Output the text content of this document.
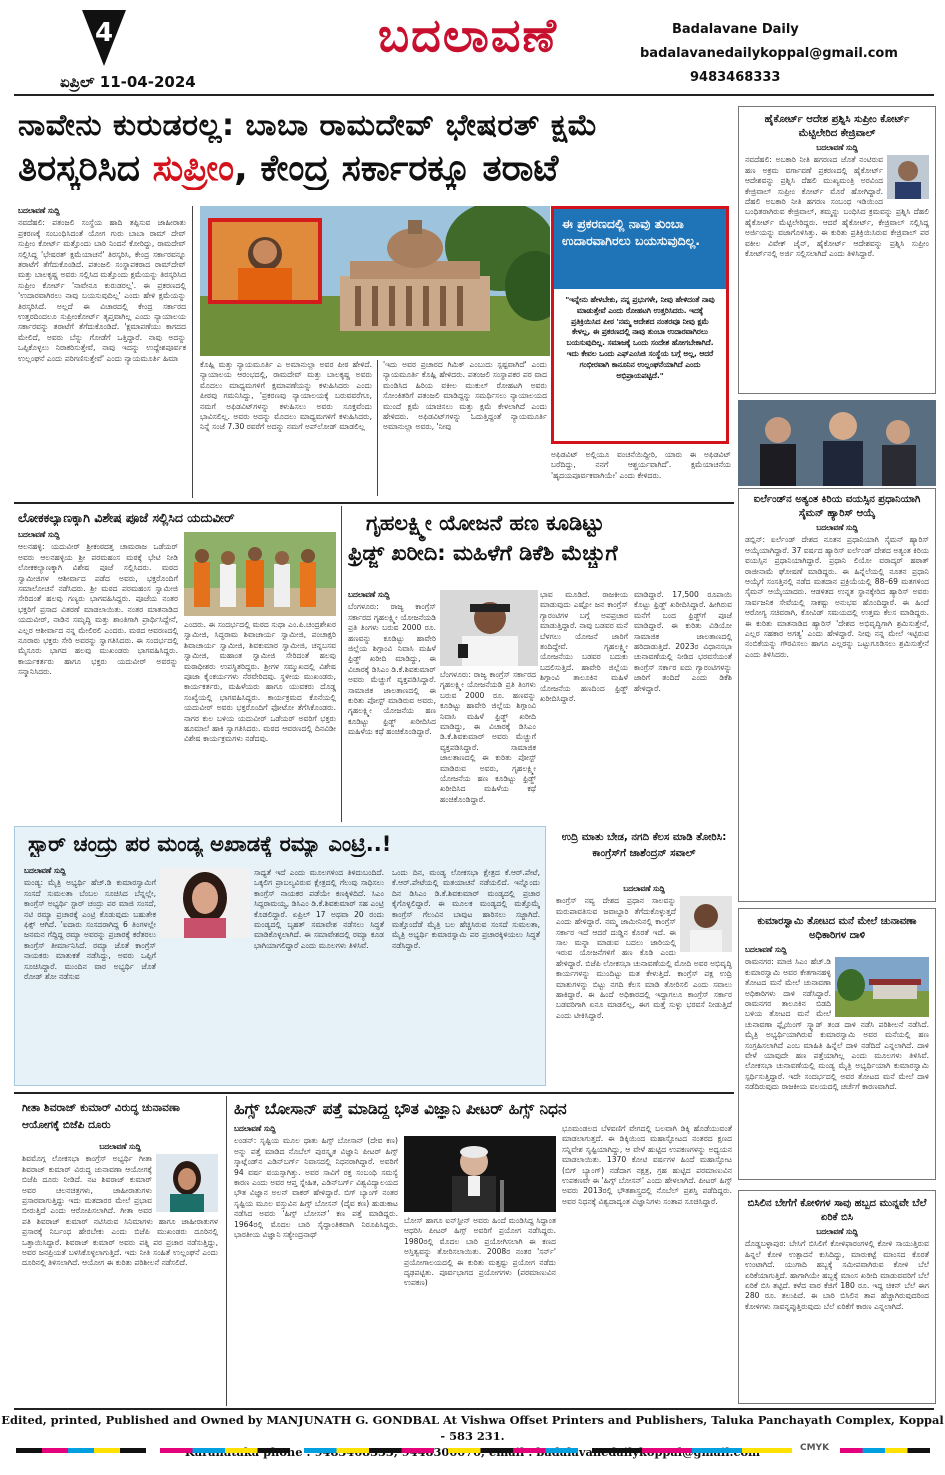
4
ಏಪ್ರಿಲ್ 11-04-2024
ಬದಲಾವಣೆ	Badalavane Daily
badalavanedailykoppal@gmail.com
9483468333
ನಾವೇನು ಕುರುಡರಲ್ಲ: ಬಾಬಾ ರಾಮದೇವ್ ಭೇಷರತ್ ಕ್ಷಮೆ
ತಿರಸ್ಕರಿಸಿದ ಸುಪ್ರೀಂ, ಕೇಂದ್ರ ಸರ್ಕಾರಕ್ಕೂ ತರಾಟೆ
ಬದಲಾವಣೆ ಸುದ್ದಿ
ನವದೆಹಲಿ: ಪತಂಜಲಿ ಸಂಸ್ಥೆಯ ಹಾದಿ ತಪ್ಪಿಸುವ ಜಾಹೀರಾತು ಪ್ರಕರಣಕ್ಕೆ ಸಂಬಂಧಿಸಿದಂತೆ ಯೋಗ ಗುರು ಬಾಬಾ ರಾಮ್ ದೇವ್ ಸುಪ್ರೀಂ ಕೋರ್ಟ್ ಮತ್ತೊಂದು ಬಾರಿ ನಿಂದನೆ ಕೋರಿದ್ದು, ರಾಮದೇವ್ ಸಲ್ಲಿಸಿದ್ದ 'ಭೇಷರತ್ ಕ್ಷಮೆಯಾಚನೆ' ತಿರಸ್ಕರಿಸಿ, ಕೇಂದ್ರ ಸರ್ಕಾರವನ್ನೂ ತರಾಟೆಗೆ ತೆಗೆದುಕೊಂಡಿದೆ. ಪತಂಜಲಿ ಸಂಸ್ಥಾಪಕರಾದ ರಾಮ್‌ದೇವ್ ಮತ್ತು ಬಾಲಕೃಷ್ಣ ಅವರು ಸಲ್ಲಿಸಿದ ಮತ್ತೊಂದು ಕ್ಷಮೆಯನ್ನು ತಿರಸ್ಕರಿಸಿದ ಸುಪ್ರೀಂ ಕೋರ್ಟ್ 'ನಾವೇನೂ ಕುರುಡರಲ್ಲ'. ಈ ಪ್ರಕರಣದಲ್ಲಿ 'ಉದಾರವಾಗಿರಲು ನಾವು ಬಯಸುವುದಿಲ್ಲ' ಎಂದು ಹೇಳಿ ಕ್ಷಮೆಯನ್ನು ತಿರಸ್ಕರಿಸಿದೆ. ಅಲ್ಲದೆ ಈ ವಿಚಾರದಲ್ಲಿ ಕೇಂದ್ರ ಸರ್ಕಾರದ ಉತ್ತರದಿಂದಲೂ ಸುಪ್ರೀಂಕೋರ್ಟ್ ತೃಪ್ತವಾಗಿಲ್ಲ ಎಂದು ನ್ಯಾಯಾಲಯ ಸರ್ಕಾರವನ್ನು ತರಾಟೆಗೆ ತೆಗೆದುಕೊಂಡಿದೆ. 'ಕ್ಷಮಾಪಣೆಯು ಕಾಗದದ ಮೇಲಿದೆ, ಅವರು ಬೆನ್ನು ಗೋಡೆಗೆ ಒತ್ತಿದ್ದಾರೆ. ನಾವು ಅದನ್ನು ಒಪ್ಪಿಕೊಳ್ಳಲು ನಿರಾಕರಿಸುತ್ತೇವೆ, ನಾವು ಇದನ್ನು ಉದ್ದೇಶಪೂರ್ವಕ ಉಲ್ಲಂಘನೆ ಎಂದು ಪರಿಗಣಿಸುತ್ತೇವೆ' ಎಂದು ನ್ಯಾಯಮೂರ್ತಿ ಹಿಮಾ
ಕೊಹ್ಲಿ ಮತ್ತು ನ್ಯಾಯಮೂರ್ತಿ ಎ ಅಮಾನುಲ್ಲಾ ಅವರ ಪೀಠ ಹೇಳಿದೆ. ನ್ಯಾಯಾಲಯ ಆರಂಭದಲ್ಲಿ, ರಾಮದೇವ್ ಮತ್ತು ಬಾಲಕೃಷ್ಣ ಅವರು ಮೊದಲು ಮಾಧ್ಯಮಗಳಿಗೆ ಕ್ಷಮಾಪಣೆಯನ್ನು ಕಳುಹಿಸಿದರು ಎಂದು ಪೀಠವು ಗಮನಿಸಿದ್ದು, 'ಪ್ರಕರಣವು ನ್ಯಾಯಾಲಯಕ್ಕೆ ಬರುವವರೆಗೂ, ನಮಗೆ ಅಫಿಡವಿಟ್‌ಗಳನ್ನು ಕಳುಹಿಸಲು ಅವರು ಸೂಕ್ತವೆಂದು ಭಾವಿಸಲಿಲ್ಲ. ಅವರು ಅದನ್ನು ಮೊದಲು ಮಾಧ್ಯಮಗಳಿಗೆ ಕಳುಹಿಸಿದರು, ನಿನ್ನೆ ಸಂಜೆ 7.30 ರವರೆಗೆ ಅದನ್ನು ನಮಗೆ ಅಪ್‌ಲೋಡ್ ಮಾಡಲಿಲ್ಲ
'ಇದು ಅವರ ಪ್ರಚಾರದ ಗಿಮಿಕ್ ಎಂಬುದು ಸ್ಪಷ್ಟವಾಗಿದೆ' ಎಂದು ನ್ಯಾಯಮೂರ್ತಿ ಕೊಹ್ಲಿ ಹೇಳಿದರು. ಪತಂಜಲಿ ಸಂಸ್ಥಾಪಕರ ಪರ ವಾದ ಮಂಡಿಸಿದ ಹಿರಿಯ ವಕೀಲ ಮುಕುಲ್ ರೋಹಟಗಿ ಅವರು ಸೋಂಕಿತರಿಗೆ ಪತಂಜಲಿ ಮಾಡಿದ್ದನ್ನು ಸಮರ್ಥಿಸಲು ನ್ಯಾಯಾಲಯದ ಮುಂದೆ ಕ್ಷಮೆ ಯಾಚಿಸಲು ಮತ್ತು ಕ್ಷಮೆ ಕೇಳಲಾಗಿದೆ ಎಂದು ಹೇಳಿದರು. ಅಫಿಡವಿಟ್‌ಗಳನ್ನು ಓದುತ್ತಿದ್ದಂತೆ ನ್ಯಾಯಮೂರ್ತಿ ಅಮಾನುಲ್ಲಾ ಅವರು, 'ನೀವು
ಈ ಪ್ರಕರಣದಲ್ಲಿ ನಾವು ತುಂಬಾ ಉದಾರವಾಗಿರಲು ಬಯಸುವುದಿಲ್ಲ.
"ಇನ್ನೇನು ಹೇಳಬೇಕು, ನನ್ನ ಪ್ರಭುಗಳೇ, ನೀವು ಹೇಳಿದಂತೆ ನಾವು ಮಾಡುತ್ತೇವೆ ಎಂದು ರೋಹಟಗಿ ಉತ್ತರಿಸಿದರು. ಇದಕ್ಕೆ ಪ್ರತಿಕ್ರಿಯಿಸಿದ ಪೀಠ 'ನಮ್ಮ ಆದೇಶದ ನಂತರವೂ ನೀವು ಕ್ಷಮೆ ಕೇಳಲ್ಲ, ಈ ಪ್ರಕರಣದಲ್ಲಿ ನಾವು ತುಂಬಾ ಉದಾರವಾಗಿರಲು ಬಯಸುವುದಿಲ್ಲ. ಸಮಾಜಕ್ಕೆ ಒಂದು ಸಂದೇಶ ಹೋಗಬೇಕಾಗಿದೆ. ಇದು ಕೇವಲ ಒಂದು ಎಫ್‌ಎಂಸಿಜಿ ಸಂಸ್ಥೆಯ ಬಗ್ಗೆ ಅಲ್ಲ, ಆದರೆ ಗಂಭೀರವಾಗಿ ಕಾನೂನಿನ ಉಲ್ಲಂಘನೆಯಾಗಿದೆ ಎಂದು ಅಭಿಪ್ರಾಯಪಟ್ಟಿದೆ."
ಅಫಿಡವಿಟ್ ಅಲ್ಲಿಯೂ ವಂಚನೆಯಿದ್ದೀರಿ, ಯಾರು ಈ ಅಫಿಡವಿಟ್ ಬರೆದಿದ್ದು, ನನಗೆ ಆಶ್ಚರ್ಯವಾಗಿದೆ'. ಕ್ಷಮೆಯಾಚನೆಯ 'ಹೃದಯಪೂರ್ವಕವಾಗಿಯೇ' ಎಂದು ಕೇಳಿದರು.
ಹೈಕೋರ್ಟ್ ಆದೇಶ ಪ್ರಶ್ನಿಸಿ ಸುಪ್ರೀಂ ಕೋರ್ಟ್ ಮೆಟ್ಟಿಲೇರಿದ ಕೇಜ್ರಿವಾಲ್
ಬದಲಾವಣೆ ಸುದ್ದಿ
ನವದೆಹಲಿ: ಅಬಕಾರಿ ನೀತಿ ಹಗರಣದ ಜೊತೆ ನಂಟಿರುವ ಹಣ ಅಕ್ರಮ ವರ್ಗಾವಣೆ ಪ್ರಕರಣದಲ್ಲಿ ಹೈಕೋರ್ಟ್ ಆದೇಶವನ್ನು ಪ್ರಶ್ನಿಸಿ ದೆಹಲಿ ಮುಖ್ಯಮಂತ್ರಿ ಅರವಿಂದ ಕೇಜ್ರಿವಾಲ್ ಸುಪ್ರೀಂ ಕೋರ್ಟ್ ಮೊರೆ ಹೋಗಿದ್ದಾರೆ. ದೆಹಲಿ ಅಬಕಾರಿ ನೀತಿ ಹಗರಣ ಸಂಬಂಧ ಇಡಿಯಿಂದ ಬಂಧಿತರಾಗಿರುವ ಕೇಜ್ರಿವಾಲ್, ತಮ್ಮನ್ನು ಬಂಧಿಸಿದ ಕ್ರಮವನ್ನು ಪ್ರಶ್ನಿಸಿ ದೆಹಲಿ ಹೈಕೋರ್ಟ್ ಮೆಟ್ಟಿಲೇರಿದ್ದರು. ಆದರೆ ಹೈಕೋರ್ಟ್, ಕೇಜ್ರಿವಾಲ್ ಸಲ್ಲಿಸಿದ್ದ ಅರ್ಜಿಯನ್ನು ವಜಾಗೊಳಿಸಿತ್ತು. ಈ ಕುರಿತು ಪ್ರತಿಕ್ರಿಯಿಸಿರುವ ಕೇಜ್ರಿವಾಲ್ ಪರ ವಕೀಲ ವಿವೇಕ್ ಜೈನ್, ಹೈಕೋರ್ಟ್ ಆದೇಶವನ್ನು ಪ್ರಶ್ನಿಸಿ ಸುಪ್ರೀಂ ಕೋರ್ಟ್‌ನಲ್ಲಿ ಅರ್ಜಿ ಸಲ್ಲಿಸಲಾಗಿದೆ ಎಂದು ತಿಳಿಸಿದ್ದಾರೆ.
ಐರ್ಲೆಂಡ್‌ನ ಅತ್ಯಂತ ಕಿರಿಯ ವಯಸ್ಸಿನ ಪ್ರಧಾನಿಯಾಗಿ ಸೈಮನ್ ಹ್ಯಾರಿಸ್ ಆಯ್ಕೆ
ಬದಲಾವಣೆ ಸುದ್ದಿ
ಡಬ್ಲಿನ್: ಐರ್ಲೆಂಡ್ ದೇಶದ ನೂತನ ಪ್ರಧಾನಿಯಾಗಿ ಸೈಮನ್ ಹ್ಯಾರಿಸ್ ಆಯ್ಕೆಯಾಗಿದ್ದಾರೆ. 37 ವರ್ಷದ ಹ್ಯಾರಿಸ್ ಐರ್ಲೆಂಡ್ ದೇಶದ ಅತ್ಯಂತ ಕಿರಿಯ ವಯಸ್ಸಿನ ಪ್ರಧಾನಿಯಾಗಿದ್ದಾರೆ. ಪ್ರಧಾನಿ ಲಿಯೋ ವರಾದ್ಕರ್ ಹಠಾತ್ ರಾಜೀನಾಮೆ ಘೋಷಣೆ ಮಾಡಿದ್ದರು. ಈ ಹಿನ್ನೆಲೆಯಲ್ಲಿ ನೂತನ ಪ್ರಧಾನಿ ಆಯ್ಕೆಗೆ ಸಂಸತ್ತಿನಲ್ಲಿ ನಡೆದ ಮತದಾನ ಪ್ರಕ್ರಿಯೆಯಲ್ಲಿ 88–69 ಮತಗಳಿಂದ ಸೈಮನ್ ಆಯ್ಕೆಯಾದರು. ಆಡಳಿತದ ಉನ್ನತ ಸ್ಥಾನಕ್ಕೇರಿದ ಹ್ಯಾರಿಸ್ ಅವರು ಸಾರ್ವಜನಿಕ ಸೇವೆಯಲ್ಲಿ ಸಾಕಷ್ಟು ಅನುಭವ ಹೊಂದಿದ್ದಾರೆ. ಈ ಹಿಂದೆ ಆರೋಗ್ಯ ಸಚಿವರಾಗಿ, ಕೋವಿಡ್ ಸಮಯದಲ್ಲಿ ಉತ್ತಮ ಕೆಲಸ ಮಾಡಿದ್ದರು. ಈ ಕುರಿತು ಮಾತನಾಡಿದ ಹ್ಯಾರಿಸ್ 'ದೇಶದ ಅಭಿವೃದ್ಧಿಗಾಗಿ ಶ್ರಮಿಸುತ್ತೇನೆ, ಎಲ್ಲರ ಸಹಕಾರ ಅಗತ್ಯ' ಎಂದು ಹೇಳಿದ್ದಾರೆ. ನೀವು ನನ್ನ ಮೇಲೆ ಇಟ್ಟಿರುವ ನಂಬಿಕೆಯನ್ನು ಗೌರವಿಸಲು ಹಾಗೂ ಎಲ್ಲರನ್ನು ಒಟ್ಟುಗೂಡಿಸಲು ಶ್ರಮಿಸುತ್ತೇನೆ ಎಂದು ತಿಳಿಸಿದರು.
ಲೋಕಕಲ್ಯಾಣಕ್ಕಾಗಿ ವಿಶೇಷ ಪೂಜೆ ಸಲ್ಲಿಸಿದ ಯದುವೀರ್
ಬದಲಾವಣೆ ಸುದ್ದಿ
ಆಲನಹಳ್ಳಿ: ಯದುವೀರ್ ಶ್ರೀಕಂಠದತ್ತ ಚಾಮರಾಜ ಒಡೆಯರ್ ಅವರು ಆಲನಹಳ್ಳಿಯ ಶ್ರೀ ಪರಮಹಂಸ ಮಠಕ್ಕೆ ಭೇಟಿ ನೀಡಿ ಲೋಕಕಲ್ಯಾಣಕ್ಕಾಗಿ ವಿಶೇಷ ಪೂಜೆ ಸಲ್ಲಿಸಿದರು. ಮಠದ ಸ್ವಾಮೀಜಿಗಳ ಆಶೀರ್ವಾದ ಪಡೆದ ಅವರು, ಭಕ್ತರೊಂದಿಗೆ ಸಮಾಲೋಚನೆ ನಡೆಸಿದರು. ಶ್ರೀ ಮಠದ ಪರಮಹಂಸ ಸ್ವಾಮೀಜಿ ಸೇರಿದಂತೆ ಹಲವು ಗಣ್ಯರು ಭಾಗವಹಿಸಿದ್ದರು. ಪೂಜೆಯ ನಂತರ ಭಕ್ತರಿಗೆ ಪ್ರಸಾದ ವಿತರಣೆ ಮಾಡಲಾಯಿತು. ನಂತರ ಮಾತನಾಡಿದ ಯದುವೀರ್, ನಾಡಿನ ಸಮೃದ್ಧಿ ಮತ್ತು ಶಾಂತಿಗಾಗಿ ಪ್ರಾರ್ಥಿಸಿದ್ದೇನೆ, ಎಲ್ಲರ ಆಶೀರ್ವಾದ ನನ್ನ ಮೇಲಿರಲಿ ಎಂದರು. ಮಠದ ಆವರಣದಲ್ಲಿ ನೂರಾರು ಭಕ್ತರು ಸೇರಿ ಅವರನ್ನು ಸ್ವಾಗತಿಸಿದರು. ಈ ಸಂದರ್ಭದಲ್ಲಿ ಮೈಸೂರು ಭಾಗದ ಹಲವು ಮುಖಂಡರು ಭಾಗವಹಿಸಿದ್ದರು. ಕಾರ್ಯಕರ್ತರು ಹಾಗೂ ಭಕ್ತರು ಯದುವೀರ್ ಅವರನ್ನು ಸನ್ಮಾನಿಸಿದರು.
ಎಂದರು. ಈ ಸಂದರ್ಭದಲ್ಲಿ ಮಠದ ಸುಧಾ ಎಂ.ಪಿ.ಚಂದ್ರಶೇಖರ ಸ್ವಾಮೀಜಿ, ಸಿದ್ಧರಾಮ ಶಿವಾಚಾರ್ಯ ಸ್ವಾಮೀಜಿ, ಪಂಚಾಕ್ಷರಿ ಶಿವಾಚಾರ್ಯ ಸ್ವಾಮೀಜಿ, ಶಿವಕುಮಾರ ಸ್ವಾಮೀಜಿ, ಚನ್ನಬಸವ ಸ್ವಾಮೀಜಿ, ಮಹಾಂತ ಸ್ವಾಮೀಜಿ ಸೇರಿದಂತೆ ಹಲವು ಮಠಾಧೀಶರು ಉಪಸ್ಥಿತರಿದ್ದರು. ಶ್ರೀಗಳ ಸಮ್ಮುಖದಲ್ಲಿ ವಿಶೇಷ ಪೂಜಾ ಕೈಂಕರ್ಯಗಳು ನೆರವೇರಿದವು. ಸ್ಥಳೀಯ ಮುಖಂಡರು, ಕಾರ್ಯಕರ್ತರು, ಮಹಿಳೆಯರು ಹಾಗೂ ಯುವಕರು ದೊಡ್ಡ ಸಂಖ್ಯೆಯಲ್ಲಿ ಭಾಗವಹಿಸಿದ್ದರು. ಕಾರ್ಯಕ್ರಮದ ಕೊನೆಯಲ್ಲಿ ಯದುವೀರ್ ಅವರು ಭಕ್ತರೊಂದಿಗೆ ಫೋಟೋ ತೆಗೆಸಿಕೊಂಡರು. ನಾಗರ ಕುಲ ಬಳಿಯ ಯದುವೀರ್ ಒಡೆಯರ್ ಅವರಿಗೆ ಭಕ್ತರು ಹೂಮಾಲೆ ಹಾಕಿ ಸ್ವಾಗತಿಸಿದರು. ಮಠದ ಆವರಣದಲ್ಲಿ ದಿನವಿಡೀ ವಿಶೇಷ ಕಾರ್ಯಕ್ರಮಗಳು ನಡೆದವು.
ಗೃಹಲಕ್ಷ್ಮೀ ಯೋಜನೆ ಹಣ ಕೂಡಿಟ್ಟು
ಫ್ರಿಡ್ಜ್ ಖರೀದಿ: ಮಹಿಳೆಗೆ ಡಿಕೆಶಿ ಮೆಚ್ಚುಗೆ
ಬದಲಾವಣೆ ಸುದ್ದಿ
ಬೆಂಗಳೂರು: ರಾಜ್ಯ ಕಾಂಗ್ರೆಸ್ ಸರ್ಕಾರದ ಗೃಹಲಕ್ಷ್ಮೀ ಯೋಜನೆಯಡಿ ಪ್ರತಿ ತಿಂಗಳು ಬರುವ 2000 ರೂ. ಹಣವನ್ನು ಕೂಡಿಟ್ಟು ಹಾವೇರಿ ಜಿಲ್ಲೆಯ ಶಿಗ್ಗಾಂವಿ ನಿವಾಸಿ ಮಹಿಳೆ ಫ್ರಿಡ್ಜ್ ಖರೀದಿ ಮಾಡಿದ್ದು, ಈ ವಿಚಾರಕ್ಕೆ ಡಿಸಿಎಂ ಡಿ.ಕೆ.ಶಿವಕುಮಾರ್ ಅವರು ಮೆಚ್ಚುಗೆ ವ್ಯಕ್ತಪಡಿಸಿದ್ದಾರೆ. ಸಾಮಾಜಿಕ ಜಾಲತಾಣದಲ್ಲಿ ಈ ಕುರಿತು ಪೋಸ್ಟ್ ಮಾಡಿರುವ ಅವರು, ಗೃಹಲಕ್ಷ್ಮೀ ಯೋಜನೆಯ ಹಣ ಕೂಡಿಟ್ಟು ಫ್ರಿಡ್ಜ್ ಖರೀದಿಸಿದ ಮಹಿಳೆಯ ಕಥೆ ಹಂಚಿಕೊಂಡಿದ್ದಾರೆ.
ಭಾವ ಮೂಡಿದೆ. ರಾಜಕೀಯ ಮಾಡುವುದು ಎಷ್ಟೋ ಜನ ಕಾಂಗ್ರೆಸ್ ಗ್ಯಾರಂಟಿಗಳ ಬಗ್ಗೆ ಅಪಪ್ರಚಾರ ಮಾಡುತ್ತಿದ್ದಾರೆ. ನಾವು ಬಡವರ ಮನೆ ಬೆಳಗಲು ಯೋಜನೆ ಜಾರಿಗೆ ತಂದಿದ್ದೇವೆ. ಗೃಹಲಕ್ಷ್ಮೀ ಯೋಜನೆಯು ಬಡವರ ಬದುಕು ಬದಲಿಸುತ್ತಿದೆ. ಹಾವೇರಿ ಜಿಲ್ಲೆಯ ಶಿಗ್ಗಾಂವಿ ತಾಲೂಕಿನ ಮಹಿಳೆ ಯೋಜನೆಯ ಹಣದಿಂದ ಫ್ರಿಡ್ಜ್ ಖರೀದಿಸಿದ್ದಾರೆ.
ಬೆಂಗಳೂರು: ರಾಜ್ಯ ಕಾಂಗ್ರೆಸ್ ಸರ್ಕಾರದ ಗೃಹಲಕ್ಷ್ಮೀ ಯೋಜನೆಯಡಿ ಪ್ರತಿ ತಿಂಗಳು ಬರುವ 2000 ರೂ. ಹಣವನ್ನು ಕೂಡಿಟ್ಟು ಹಾವೇರಿ ಜಿಲ್ಲೆಯ ಶಿಗ್ಗಾಂವಿ ನಿವಾಸಿ ಮಹಿಳೆ ಫ್ರಿಡ್ಜ್ ಖರೀದಿ ಮಾಡಿದ್ದು, ಈ ವಿಚಾರಕ್ಕೆ ಡಿಸಿಎಂ ಡಿ.ಕೆ.ಶಿವಕುಮಾರ್ ಅವರು ಮೆಚ್ಚುಗೆ ವ್ಯಕ್ತಪಡಿಸಿದ್ದಾರೆ. ಸಾಮಾಜಿಕ ಜಾಲತಾಣದಲ್ಲಿ ಈ ಕುರಿತು ಪೋಸ್ಟ್ ಮಾಡಿರುವ ಅವರು, ಗೃಹಲಕ್ಷ್ಮೀ ಯೋಜನೆಯ ಹಣ ಕೂಡಿಟ್ಟು ಫ್ರಿಡ್ಜ್ ಖರೀದಿಸಿದ ಮಹಿಳೆಯ ಕಥೆ ಹಂಚಿಕೊಂಡಿದ್ದಾರೆ.
ಮಾಡಿದ್ದಾರೆ. 17,500 ರೂಪಾಯಿ ಕೊಟ್ಟು ಫ್ರಿಡ್ಜ್ ಖರೀದಿಸಿದ್ದಾರೆ. ಹೀಗಿರುವ ಮನೆಗೆ ಬಂದ ಫ್ರಿಡ್ಜ್‌ಗೆ ಪೂಜೆ ಮಾಡಿದ್ದಾರೆ. ಈ ಕುರಿತು ವಿಡಿಯೋ ಸಾಮಾಜಿಕ ಜಾಲತಾಣದಲ್ಲಿ ಹರಿದಾಡುತ್ತಿದೆ. 2023ರ ವಿಧಾನಸಭಾ ಚುನಾವಣೆಯಲ್ಲಿ ನೀಡಿದ ಭರವಸೆಯಂತೆ ಕಾಂಗ್ರೆಸ್ ಸರ್ಕಾರ ಐದು ಗ್ಯಾರಂಟಿಗಳನ್ನು ಜಾರಿಗೆ ತಂದಿದೆ ಎಂದು ಡಿಕೆಶಿ ಹೇಳಿದ್ದಾರೆ.
ಸ್ಟಾರ್ ಚಂದ್ರು ಪರ ಮಂಡ್ಯ ಅಖಾಡಕ್ಕೆ ರಮ್ಯಾ ಎಂಟ್ರಿ..!
ಬದಲಾವಣೆ ಸುದ್ದಿ
ಮಂಡ್ಯ: ಮೈತ್ರಿ ಅಭ್ಯರ್ಥಿ ಹೆಚ್.ಡಿ ಕುಮಾರಸ್ವಾಮಿಗೆ ಸಂಸದೆ ಸುಮಲತಾ ಬೆಂಬಲ ಸೂಚಿಸಿದ ಬೆನ್ನಲ್ಲೇ, ಕಾಂಗ್ರೆಸ್ ಅಭ್ಯರ್ಥಿ ಸ್ಟಾರ್ ಚಂದ್ರು ಪರ ಮಾಜಿ ಸಂಸದೆ, ನಟಿ ರಮ್ಯಾ ಪ್ರಚಾರಕ್ಕೆ ಎಂಟ್ರಿ ಕೊಡುವುದು ಬಹುತೇಕ ಫಿಕ್ಸ್ ಆಗಿದೆ. 'ಐದಾರು ಸಂಸದರಾಗಿದ್ದ 6 ತಿಂಗಳಲ್ಲೇ ಜನಮನ ಗೆದ್ದಿದ್ದ ರಮ್ಯಾ ಅವರನ್ನು ಪ್ರಚಾರಕ್ಕೆ ಕರೆತರಲು ಕಾಂಗ್ರೆಸ್ ತೀರ್ಮಾನಿಸಿದೆ. ರಮ್ಯಾ ಜೊತೆ ಕಾಂಗ್ರೆಸ್ ನಾಯಕರು ಮಾತುಕತೆ ನಡೆಸಿದ್ದು, ಅವರು ಒಪ್ಪಿಗೆ ಸೂಚಿಸಿದ್ದಾರೆ. ಮುಂದಿನ ವಾರ ಅಭ್ಯರ್ಥಿ ಜೊತೆ ರೋಡ್ ಶೋ ನಡೆಸುವ
ಸಾಧ್ಯತೆ ಇದೆ ಎಂದು ಮೂಲಗಳಿಂದ ತಿಳಿದುಬಂದಿದೆ. ಒಕ್ಕಲಿಗ ಪ್ರಾಬಲ್ಯವಿರುವ ಕ್ಷೇತ್ರದಲ್ಲಿ ಗೆಲುವು ಸಾಧಿಸಲು ಕಾಂಗ್ರೆಸ್ ನಾಯಕರ ಪಡೆಯೇ ಕಣಕ್ಕಿಳಿದಿದೆ. ಸಿಎಂ ಸಿದ್ದರಾಮಯ್ಯ, ಡಿಸಿಎಂ ಡಿ.ಕೆ.ಶಿವಕುಮಾರ್ ಸಹ ಎಂಟ್ರಿ ಕೊಡಲಿದ್ದಾರೆ. ಏಪ್ರಿಲ್ 17 ಅಥವಾ 20 ರಂದು ಮಂಡ್ಯದಲ್ಲಿ ಬೃಹತ್ ಸಮಾವೇಶ ನಡೆಸಲು ಸಿದ್ಧತೆ ಮಾಡಿಕೊಳ್ಳಲಾಗಿದೆ. ಈ ಸಮಾವೇಶದಲ್ಲಿ ರಮ್ಯಾ ಕೂಡ ಭಾಗಿಯಾಗಲಿದ್ದಾರೆ ಎಂದು ಮೂಲಗಳು ತಿಳಿಸಿವೆ.
ಒಂದು ದಿನ, ಮಂಡ್ಯ ಲೋಕಸಭಾ ಕ್ಷೇತ್ರದ ಕೆ.ಆರ್.ಪೇಟೆ, ಕೆ.ಆರ್.ಪೇಟೆಯಲ್ಲಿ ಮತಯಾಚನೆ ನಡೆಯಲಿದೆ. ಇನ್ನೊಂದು ದಿನ ಡಿಸಿಎಂ ಡಿ.ಕೆ.ಶಿವಕುಮಾರ್ ಮಂಡ್ಯದಲ್ಲಿ ಪ್ರಚಾರ ಕೈಗೊಳ್ಳಲಿದ್ದಾರೆ. ಈ ಮೂಲಕ ಮಂಡ್ಯದಲ್ಲಿ ಮತ್ತೊಮ್ಮೆ ಕಾಂಗ್ರೆಸ್ ಗೆಲುವಿನ ಬಾವುಟ ಹಾರಿಸಲು ಸಜ್ಜಾಗಿದೆ. ಮತ್ತೊಂದೆಡೆ ಮೈತ್ರಿ ಬಲ ಹೆಚ್ಚಿಸಿರುವ ಸಂಸದೆ ಸುಮಲತಾ, ಮೈತ್ರಿ ಅಭ್ಯರ್ಥಿ ಕುಮಾರಸ್ವಾಮಿ ಪರ ಪ್ರಚಾರಕ್ಕಿಳಿಯಲು ಸಿದ್ಧತೆ ನಡೆಸಿದ್ದಾರೆ.
ಉದ್ರಿ ಮಾತು ಬೇಡ, ನಗದಿ ಕೆಲಸ ಮಾಡಿ ತೋರಿಸಿ: ಕಾಂಗ್ರೆಸ್‌ಗೆ ಜಾಶೆಂದ್ರನ್ ಸವಾಲ್
ಬದಲಾವಣೆ ಸುದ್ದಿ
ಕಾಂಗ್ರೆಸ್ ನವ್ಯ ದೇಶದ ಪ್ರಧಾನ ಸಾಲವನ್ನು ಮರುಪಾವತಿಸುವ ಜವಾಬ್ದಾರಿ ತೆಗೆದುಕೊಳ್ಳುತ್ತದೆ ಎಂದು ಹೇಳಿದ್ದಾರೆ. ನಮ್ಮ ಜಾಮೀನಿನಲ್ಲಿ ಕಾಂಗ್ರೆಸ್ ಸರ್ಕಾರ ಇದೆ ಆದರೆ ದುಡ್ಡಿನ ಕೊರತೆ ಇದೆ. ಈ ಸಾಲ ಮನ್ನಾ ಮಾಡುವ ಬದಲು ಜಾರಿಯಲ್ಲಿ ಇರುವ ಯೋಜನೆಗಳಿಗೆ ಹಣ ಕೊಡಿ ಎಂದು ಹೇಳಿದ್ದಾರೆ. ಬಿಜೆಪಿ ಲೋಕಸಭಾ ಚುನಾವಣೆಯಲ್ಲಿ ಮೋದಿ ಅವರ ಅಭಿವೃದ್ಧಿ ಕಾರ್ಯಗಳನ್ನು ಮುಂದಿಟ್ಟು ಮತ ಕೇಳುತ್ತಿದೆ. ಕಾಂಗ್ರೆಸ್ ಪಕ್ಷ ಉದ್ರಿ ಮಾತುಗಳನ್ನು ಬಿಟ್ಟು ನಗದಿ ಕೆಲಸ ಮಾಡಿ ತೋರಿಸಲಿ ಎಂದು ಸವಾಲು ಹಾಕಿದ್ದಾರೆ. ಈ ಹಿಂದೆ ಅಧಿಕಾರದಲ್ಲಿ ಇದ್ದಾಗಲೂ ಕಾಂಗ್ರೆಸ್ ಸರ್ಕಾರ ಬಡವರಿಗಾಗಿ ಏನೂ ಮಾಡಲಿಲ್ಲ, ಈಗ ಮತ್ತೆ ಸುಳ್ಳು ಭರವಸೆ ನೀಡುತ್ತಿದೆ ಎಂದು ಟೀಕಿಸಿದ್ದಾರೆ.
ಕುಮಾರಸ್ವಾಮಿ ತೋಟದ ಮನೆ ಮೇಲೆ ಚುನಾವಣಾ ಅಧಿಕಾರಿಗಳ ದಾಳಿ
ಬದಲಾವಣೆ ಸುದ್ದಿ
ರಾಮನಗರ: ಮಾಜಿ ಸಿಎಂ ಹೆಚ್.ಡಿ ಕುಮಾರಸ್ವಾಮಿ ಅವರ ಕೇತಗಾನಹಳ್ಳಿ ತೋಟದ ಮನೆ ಮೇಲೆ ಚುನಾವಣಾ ಅಧಿಕಾರಿಗಳು ದಾಳಿ ನಡೆಸಿದ್ದಾರೆ. ರಾಮನಗರ ತಾಲೂಕಿನ ಬಿಡದಿ ಬಳಿಯ ತೋಟದ ಮನೆ ಮೇಲೆ ಚುನಾವಣಾ ಫ್ಲೈಯಿಂಗ್ ಸ್ಕ್ವಾಡ್ ತಂಡ ದಾಳಿ ನಡೆಸಿ ಪರಿಶೀಲನೆ ನಡೆಸಿದೆ. ಮೈತ್ರಿ ಅಭ್ಯರ್ಥಿಯಾಗಿರುವ ಕುಮಾರಸ್ವಾಮಿ ಅವರ ಮನೆಯಲ್ಲಿ ಹಣ ಸಂಗ್ರಹಿಸಲಾಗಿದೆ ಎಂಬ ಮಾಹಿತಿ ಹಿನ್ನೆಲೆ ದಾಳಿ ನಡೆದಿದೆ ಎನ್ನಲಾಗಿದೆ. ದಾಳಿ ವೇಳೆ ಯಾವುದೇ ಹಣ ಪತ್ತೆಯಾಗಿಲ್ಲ ಎಂದು ಮೂಲಗಳು ತಿಳಿಸಿವೆ. ಲೋಕಸಭಾ ಚುನಾವಣೆಯಲ್ಲಿ ಮಂಡ್ಯ ಮೈತ್ರಿ ಅಭ್ಯರ್ಥಿಯಾಗಿ ಕುಮಾರಸ್ವಾಮಿ ಸ್ಪರ್ಧಿಸುತ್ತಿದ್ದಾರೆ. ಇದೇ ಸಂದರ್ಭದಲ್ಲಿ ಅವರ ತೋಟದ ಮನೆ ಮೇಲೆ ದಾಳಿ ನಡೆದಿರುವುದು ರಾಜಕೀಯ ವಲಯದಲ್ಲಿ ಚರ್ಚೆಗೆ ಕಾರಣವಾಗಿದೆ.
ಗೀತಾ ಶಿವರಾಜ್ ಕುಮಾರ್ ವಿರುದ್ಧ ಚುನಾವಣಾ ಆಯೋಗಕ್ಕೆ ಬಿಜೆಪಿ ದೂರು
ಬದಲಾವಣೆ ಸುದ್ದಿ
ಶಿವಮೊಗ್ಗ ಲೋಕಸಭಾ ಕಾಂಗ್ರೆಸ್ ಅಭ್ಯರ್ಥಿ ಗೀತಾ ಶಿವರಾಜ್ ಕುಮಾರ್ ವಿರುದ್ಧ ಚುನಾವಣಾ ಆಯೋಗಕ್ಕೆ ಬಿಜೆಪಿ ದೂರು ನೀಡಿದೆ. ನಟ ಶಿವರಾಜ್ ಕುಮಾರ್ ಅವರ ಚಲನಚಿತ್ರಗಳು, ಜಾಹೀರಾತುಗಳು ಪ್ರಸಾರವಾಗುತ್ತಿದ್ದು ಇದು ಮತದಾರರ ಮೇಲೆ ಪ್ರಭಾವ ಬೀರುತ್ತಿದೆ ಎಂದು ಆರೋಪಿಸಲಾಗಿದೆ. ಗೀತಾ ಅವರ ಪತಿ ಶಿವರಾಜ್ ಕುಮಾರ್ ನಟಿಸಿರುವ ಸಿನಿಮಾಗಳು ಹಾಗೂ ಜಾಹೀರಾತುಗಳ ಪ್ರಸಾರಕ್ಕೆ ನಿರ್ಬಂಧ ಹೇರಬೇಕು ಎಂದು ಬಿಜೆಪಿ ಮುಖಂಡರು ದೂರಿನಲ್ಲಿ ಒತ್ತಾಯಿಸಿದ್ದಾರೆ. ಶಿವರಾಜ್ ಕುಮಾರ್ ಅವರು ಪತ್ನಿ ಪರ ಪ್ರಚಾರ ನಡೆಸುತ್ತಿದ್ದು, ಅವರ ಜನಪ್ರಿಯತೆ ಬಳಸಿಕೊಳ್ಳಲಾಗುತ್ತಿದೆ. ಇದು ನೀತಿ ಸಂಹಿತೆ ಉಲ್ಲಂಘನೆ ಎಂದು ದೂರಿನಲ್ಲಿ ತಿಳಿಸಲಾಗಿದೆ. ಆಯೋಗ ಈ ಕುರಿತು ಪರಿಶೀಲನೆ ನಡೆಸಲಿದೆ.
ಹಿಗ್ಸ್ ಬೋಸಾನ್ ಪತ್ತೆ ಮಾಡಿದ್ದ ಭೌತ ವಿಜ್ಞಾನಿ ಪೀಟರ್ ಹಿಗ್ಸ್ ನಿಧನ
ಬದಲಾವಣೆ ಸುದ್ದಿ
ಲಂಡನ್: ಸೃಷ್ಟಿಯ ಮೂಲ ಧಾತು ಹಿಗ್ಸ್ ಬೋಸಾನ್ (ದೇವ ಕಣ) ಅನ್ನು ಪತ್ತೆ ಮಾಡಿದ ನೊಬೆಲ್ ಪುರಸ್ಕೃತ ವಿಜ್ಞಾನಿ ಪೀಟರ್ ಹಿಗ್ಸ್ ಸ್ಕಾಟ್ಲೆಂಡ್‌ನ ಎಡಿನ್‌ಬರ್ಗ್ ನಿವಾಸದಲ್ಲಿ ನಿಧನರಾಗಿದ್ದಾರೆ. ಅವರಿಗೆ 94 ವರ್ಷ ವಯಸ್ಸಾಗಿತ್ತು. ಅವರ ಸಾವಿಗೆ ರಕ್ತ ಸಂಬಂಧಿ ಸಮಸ್ಯೆ ಕಾರಣ ಎಂದು ಅವರ ಆಪ್ತ ಸ್ನೇಹಿತ, ಎಡಿನ್‌ಬರ್ಗ್ ವಿಶ್ವವಿದ್ಯಾಲಯದ ಭೌತ ವಿಜ್ಞಾನ ಅಲನ್ ವಾಕರ್ ಹೇಳಿದ್ದಾರೆ. ಬಿಗ್ ಬ್ಯಾಂಗ್ ನಂತರ ಸೃಷ್ಟಿಯ ಮೂಲ ವಸ್ತುವಿನ ಹಿಗ್ಸ್ ಬೋಸನ್ (ದೈವ ಕಣ) ಹುಡುಕಾಟ ನಡೆಸಿದ ಅವರು 'ಹಿಗ್ಸ್ ಬೋಸನ್' ಕಣ ಪತ್ತೆ ಮಾಡಿದ್ದರು. 1964ರಲ್ಲಿ ಮೊದಲ ಬಾರಿ ಸೈದ್ಧಾಂತಿಕವಾಗಿ ನಿರೂಪಿಸಿದ್ದರು. ಭಾರತೀಯ ವಿಜ್ಞಾನಿ ಸತ್ಯೇಂದ್ರನಾಥ್
ಬೋಸ್ ಹಾಗೂ ಐನ್‌ಸ್ಟೀನ್ ಅವರು ಹಿಂದೆ ಮಂಡಿಸಿದ್ದ ಸಿದ್ಧಾಂತ ಆಧರಿಸಿ ಪೀಟರ್ ಹಿಗ್ಸ್ ಅವರಿಗೆ ಪ್ರಯೋಗ ನಡೆಸಿದ್ದರು. 1980ರಲ್ಲಿ ಮೊದಲ ಬಾರಿ ಪ್ರಯೋಗಿಸಲಾಗಿ ಈ ಕಣದ ಅಸ್ತಿತ್ವವನ್ನು ತೋರಿಸಲಾಯಿತು. 2008ರ ನಂತರ 'ಸರ್ನ್' ಪ್ರಯೋಗಾಲಯದಲ್ಲಿ ಈ ಕುರಿತು ಮತ್ತಷ್ಟು ಪ್ರಯೋಗ ನಡೆದು ದೃಢಪಟ್ಟಿತು. ಪೂರ್ವಭಾಗದ ಪ್ರಯೋಗಗಳು (ಪರಮಾಣುವಿನ ಉಪಕಣ)
ಭೂಮಂಡಲದ ಬೆಳವಣಿಗೆ ವೇಗದಲ್ಲಿ ಬಲವಾಗಿ ಡಿಕ್ಕಿ ಹೊಡೆಯುವಂತೆ ಮಾಡಲಾಗುತ್ತದೆ. ಈ ಡಿಕ್ಕಿಯಿಂದ ಮಹಾಸ್ಫೋಟದ ನಂತರದ ಕ್ಷಣದ ಸನ್ನಿವೇಶ ಸೃಷ್ಟಿಯಾಗಿದ್ದು, ಆ ವೇಳೆ ಹುಟ್ಟಿದ ಉಪಕಣಗಳನ್ನು ಅಧ್ಯಯನ ಮಾಡಲಾಯಿತು. 1370 ಕೋಟಿ ವರ್ಷಗಳ ಹಿಂದೆ ಮಹಾಸ್ಫೋಟ (ಬಿಗ್ ಬ್ಯಾಂಗ್) ನಡೆದಾಗ ನಕ್ಷತ್ರ, ಗ್ರಹ ಹುಟ್ಟಿದ ಪರಮಾಣುವಿನ ಉಪಕಣವೇ ಈ 'ಹಿಗ್ಸ್ ಬೋಸನ್' ಎಂದು ಹೇಳಲಾಗಿದೆ. ಪೀಟರ್ ಹಿಗ್ಸ್ ಅವರು 2013ರಲ್ಲಿ ಭೌತಶಾಸ್ತ್ರದಲ್ಲಿ ನೊಬೆಲ್ ಪ್ರಶಸ್ತಿ ಪಡೆದಿದ್ದರು. ಅವರ ನಿಧನಕ್ಕೆ ವಿಶ್ವದಾದ್ಯಂತ ವಿಜ್ಞಾನಿಗಳು ಸಂತಾಪ ಸೂಚಿಸಿದ್ದಾರೆ.	ಬಿಸಿಲಿನ ಬೇಗೆಗೆ ಕೋಳಿಗಳ ಸಾವು ಹಬ್ಬದ ಮುನ್ನವೇ ಬೆಲೆ ಏರಿಕೆ ಬಿಸಿ
ಬದಲಾವಣೆ ಸುದ್ದಿ
ದೊಡ್ಡಬಳ್ಳಾಪುರ: ಬೇಸಿಗೆ ಬಿಸಿಲಿಗೆ ಕೋಳಿಫಾರಂಗಳಲ್ಲಿ ಕೋಳಿ ಸಾಯುತ್ತಿರುವ ಹಿನ್ನಲೆ ಕೋಳಿ ಉತ್ಪಾದನೆ ಕುಸಿದಿದ್ದು, ಮಾರುಕಟ್ಟೆ ಮಾಂಸದ ಕೊರತೆ ಉಂಟಾಗಿದೆ. ಯುಗಾದಿ ಹಬ್ಬಕ್ಕೆ ಸಮೀಪವಾಗಿರುವ ಕೋಳಿ ಬೆಲೆ ಏರಿಕೆಯಾಗುತ್ತಿದೆ. ಹಾಗಾಗಿಯೇ ಹಬ್ಬಕ್ಕೆ ಮಾಂಸ ಖರೀದಿ ಮಾಡುವವರಿಗೆ ಬೆಲೆ ಏರಿಕೆ ಬಿಸಿ ತಟ್ಟಿದೆ. ಕಳೆದ ವಾರ ಕೆಜಿಗೆ 180 ರೂ. ಇದ್ದ ಚಿಕನ್ ಬೆಲೆ ಈಗ 280 ರೂ. ತಲುಪಿದೆ. ಈ ಬಾರಿ ಬಿಸಿಲಿನ ತಾಪ ಹೆಚ್ಚಾಗಿರುವುದರಿಂದ ಕೋಳಿಗಳು ಸಾವನ್ನಪ್ಪುತ್ತಿರುವುದು ಬೆಲೆ ಏರಿಕೆಗೆ ಕಾರಣ ಎನ್ನಲಾಗಿದೆ.
Edited, printed, Published and Owned by MANJUNATH G. GONDBAL At Vishwa Offset Printers and Publishers, Taluka Panchayath Complex, Koppal - 583 231.
9448300070,	CMYK
